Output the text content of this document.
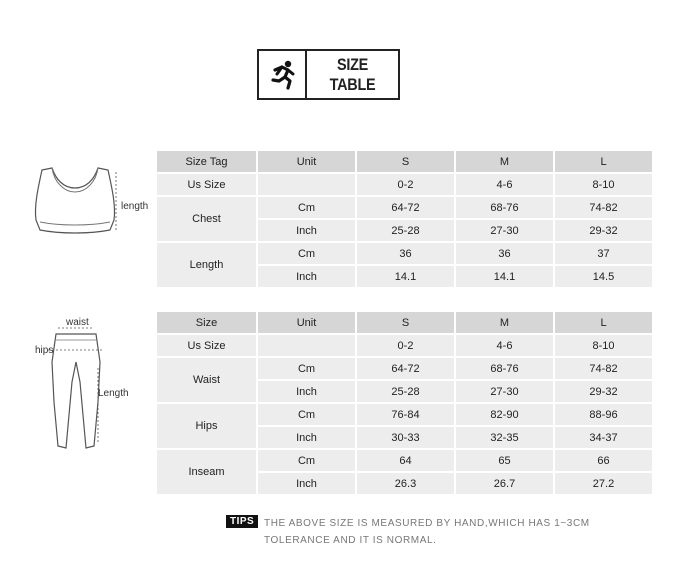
SIZE TABLE
length
waist
hips
Length
Size Tag	Unit	S	M	L
Us Size		0-2	4-6	8-10
Chest	Cm	64-72	68-76	74-82
	Inch	25-28	27-30	29-32
Length	Cm	36	36	37
	Inch	14.1	14.1	14.5
Size	Unit	S	M	L
Us Size		0-2	4-6	8-10
Waist	Cm	64-72	68-76	74-82
	Inch	25-28	27-30	29-32
Hips	Cm	76-84	82-90	88-96
	Inch	30-33	32-35	34-37
Inseam	Cm	64	65	66
	Inch	26.3	26.7	27.2
TIPS THE ABOVE SIZE IS MEASURED BY HAND,WHICH HAS 1~3CM
TOLERANCE AND IT IS NORMAL.
